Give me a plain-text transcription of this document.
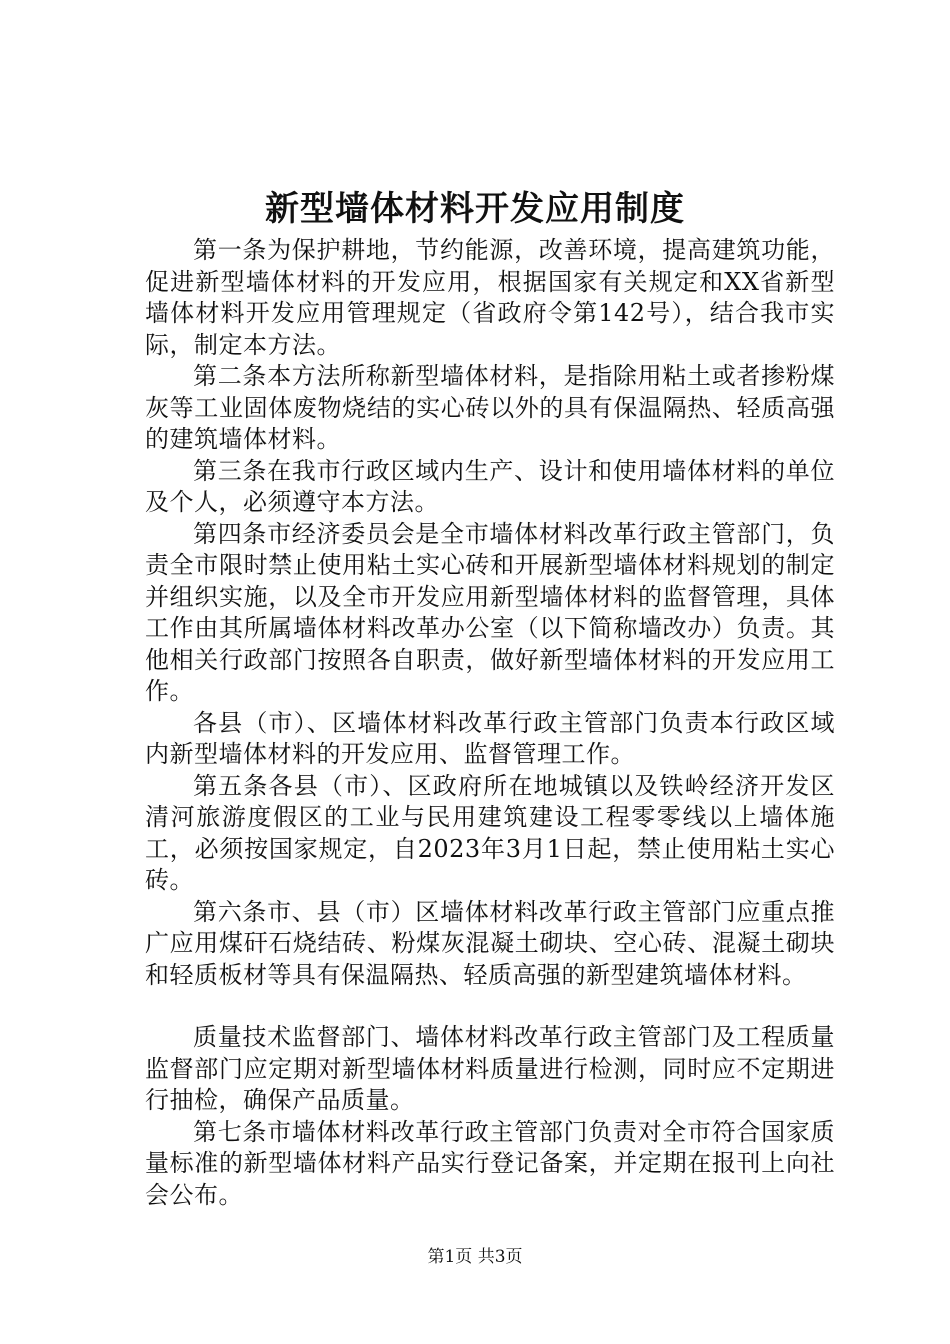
新型墙体材料开发应用制度

第一条为保护耕地，节约能源，改善环境，提高建筑功能，促进新型墙体材料的开发应用，根据国家有关规定和XX省新型墙体材料开发应用管理规定（省政府令第142号），结合我市实际，制定本方法。

第二条本方法所称新型墙体材料，是指除用粘土或者掺粉煤灰等工业固体废物烧结的实心砖以外的具有保温隔热、轻质高强的建筑墙体材料。

第三条在我市行政区域内生产、设计和使用墙体材料的单位及个人，必须遵守本方法。

第四条市经济委员会是全市墙体材料改革行政主管部门，负责全市限时禁止使用粘土实心砖和开展新型墙体材料规划的制定并组织实施，以及全市开发应用新型墙体材料的监督管理，具体工作由其所属墙体材料改革办公室（以下简称墙改办）负责。其他相关行政部门按照各自职责，做好新型墙体材料的开发应用工作。

各县（市）、区墙体材料改革行政主管部门负责本行政区域内新型墙体材料的开发应用、监督管理工作。

第五条各县（市）、区政府所在地城镇以及铁岭经济开发区清河旅游度假区的工业与民用建筑建设工程零零线以上墙体施工，必须按国家规定，自2023年3月1日起，禁止使用粘土实心砖。

第六条市、县（市）区墙体材料改革行政主管部门应重点推广应用煤矸石烧结砖、粉煤灰混凝土砌块、空心砖、混凝土砌块和轻质板材等具有保温隔热、轻质高强的新型建筑墙体材料。

质量技术监督部门、墙体材料改革行政主管部门及工程质量监督部门应定期对新型墙体材料质量进行检测，同时应不定期进行抽检，确保产品质量。

第七条市墙体材料改革行政主管部门负责对全市符合国家质量标准的新型墙体材料产品实行登记备案，并定期在报刊上向社会公布。

第1页 共3页
